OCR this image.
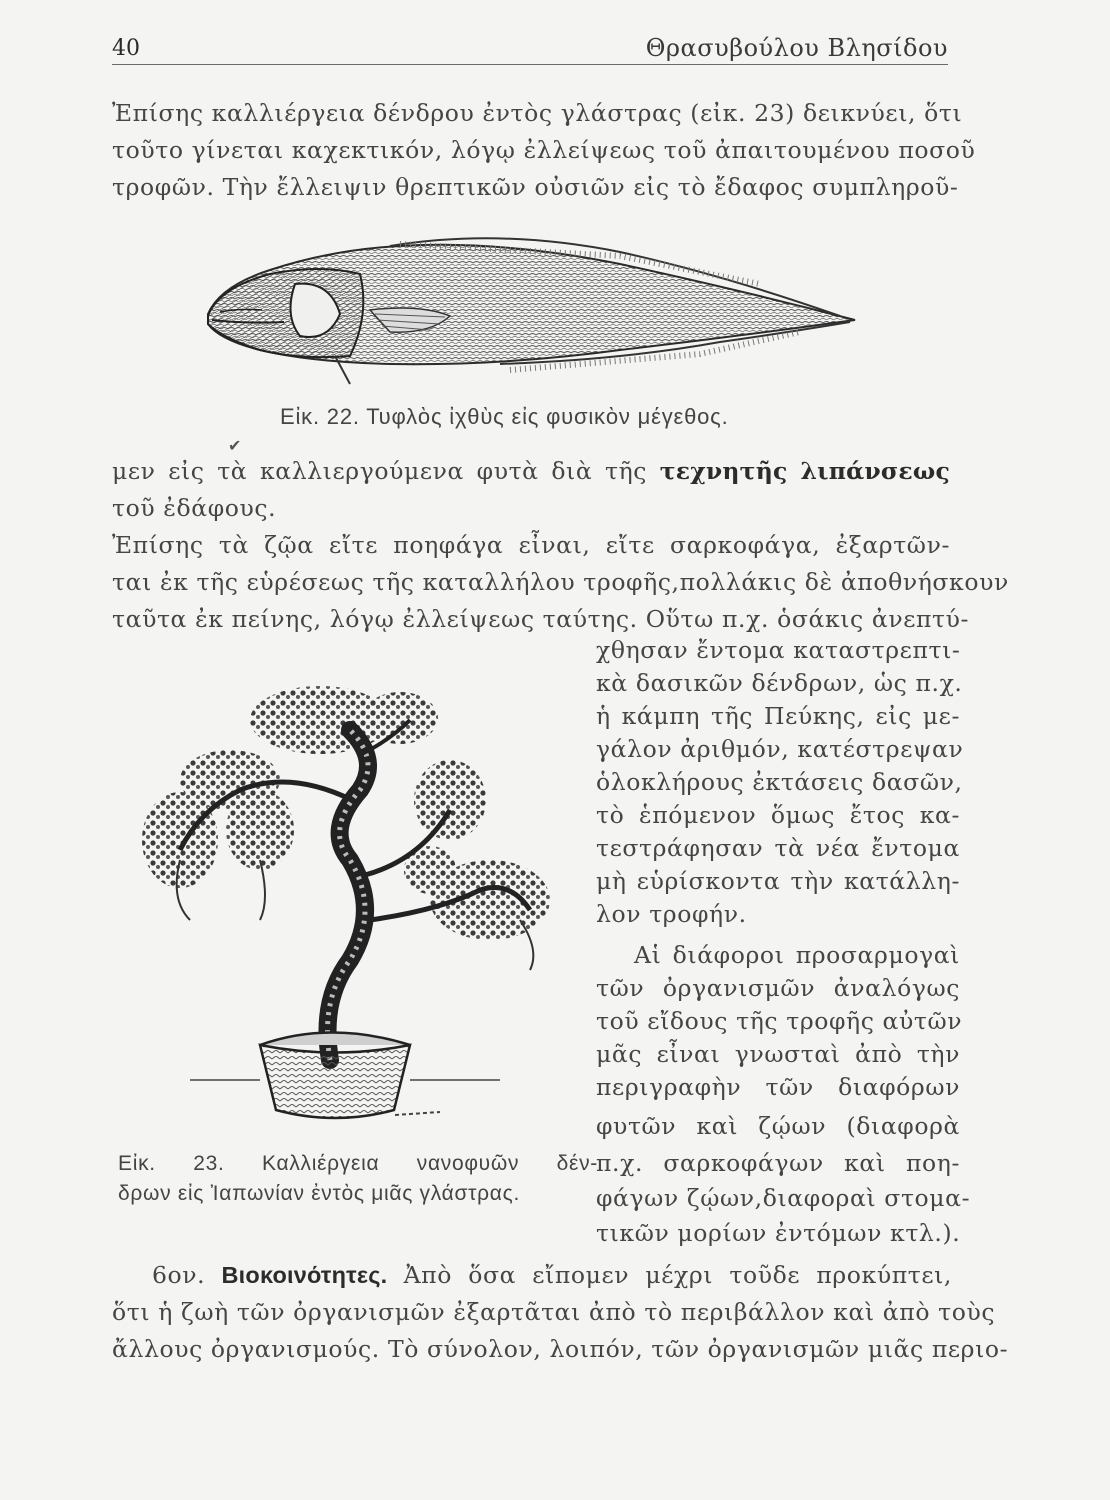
40	Θρασυβούλου Βλησίδου
Ἐπίσης καλλιέργεια δένδρου ἐντὸς γλάστρας (εἰκ. 23) δεικνύει, ὅτι
τοῦτο γίνεται καχεκτικόν, λόγῳ ἐλλείψεως τοῦ ἀπαιτουμένου ποσοῦ
τροφῶν. Τὴν ἔλλειψιν θρεπτικῶν οὐσιῶν εἰς τὸ ἔδαφος συμπληροῦ-
Εἰκ. 22. Τυφλὸς ἰχθὺς εἰς φυσικὸν μέγεθος.
✔
μεν εἰς τὰ καλλιεργούμενα φυτὰ διὰ τῆς τεχνητῆς λιπάνσεως
τοῦ ἐδάφους.
Ἐπίσης τὰ ζῷα εἴτε ποηφάγα εἶναι, εἴτε σαρκοφάγα, ἐξαρτῶν-
ται ἐκ τῆς εὑρέσεως τῆς καταλλήλου τροφῆς,πολλάκις δὲ ἀποθνήσκουν
ταῦτα ἐκ πείνης, λόγῳ ἐλλείψεως ταύτης. Οὕτω π.χ. ὁσάκις ἀνεπτύ-
Εἰκ. 23. Καλλιέργεια νανοφυῶν δέν-
δρων εἰς Ἰαπωνίαν ἐντὸς μιᾶς γλάστρας.
χθησαν ἔντομα καταστρεπτι-
κὰ δασικῶν δένδρων, ὡς π.χ.
ἡ κάμπη τῆς Πεύκης, εἰς με-
γάλον ἀριθμόν, κατέστρεψαν
ὁλοκλήρους ἐκτάσεις δασῶν,
τὸ ἑπόμενον ὅμως ἔτος κα-
τεστράφησαν τὰ νέα ἔντομα
μὴ εὑρίσκοντα τὴν κατάλλη-
λον τροφήν.
Αἱ διάφοροι προσαρμογαὶ
τῶν ὀργανισμῶν ἀναλόγως
τοῦ εἴδους τῆς τροφῆς αὐτῶν
μᾶς εἶναι γνωσταὶ ἀπὸ τὴν
περιγραφὴν τῶν διαφόρων
φυτῶν καὶ ζῴων (διαφορὰ
π.χ. σαρκοφάγων καὶ ποη-
φάγων ζῴων,διαφοραὶ στομα-
τικῶν μορίων ἐντόμων κτλ.).
6ον. Βιοκοινότητες. Ἀπὸ ὅσα εἴπομεν μέχρι τοῦδε προκύπτει,
ὅτι ἡ ζωὴ τῶν ὀργανισμῶν ἐξαρτᾶται ἀπὸ τὸ περιβάλλον καὶ ἀπὸ τοὺς
ἄλλους ὀργανισμούς. Τὸ σύνολον, λοιπόν, τῶν ὀργανισμῶν μιᾶς περιο-
